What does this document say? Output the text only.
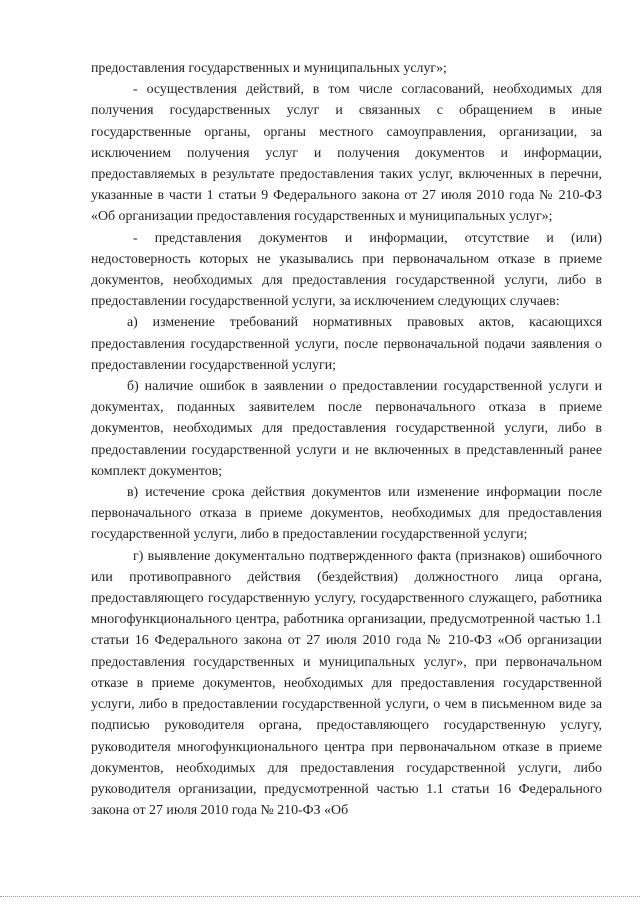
предоставления государственных и муниципальных услуг»;

- осуществления действий, в том числе согласований, необходимых для получения государственных услуг и связанных с обращением в иные государственные органы, органы местного самоуправления, организации, за исключением получения услуг и получения документов и информации, предоставляемых в результате предоставления таких услуг, включенных в перечни, указанные в части 1 статьи 9 Федерального закона от 27 июля 2010 года № 210-ФЗ «Об организации предоставления государственных и муниципальных услуг»;

- представления документов и информации, отсутствие и (или) недостоверность которых не указывались при первоначальном отказе в приеме документов, необходимых для предоставления государственной услуги, либо в предоставлении государственной услуги, за исключением следующих случаев:

а) изменение требований нормативных правовых актов, касающихся предоставления государственной услуги, после первоначальной подачи заявления о предоставлении государственной услуги;

б) наличие ошибок в заявлении о предоставлении государственной услуги и документах, поданных заявителем после первоначального отказа в приеме документов, необходимых для предоставления государственной услуги, либо в предоставлении государственной услуги и не включенных в представленный ранее комплект документов;

в) истечение срока действия документов или изменение информации после первоначального отказа в приеме документов, необходимых для предоставления государственной услуги, либо в предоставлении государственной услуги;

г) выявление документально подтвержденного факта (признаков) ошибочного или противоправного действия (бездействия) должностного лица органа, предоставляющего государственную услугу, государственного служащего, работника многофункционального центра, работника организации, предусмотренной частью 1.1 статьи 16 Федерального закона от 27 июля 2010 года № 210-ФЗ «Об организации предоставления государственных и муниципальных услуг», при первоначальном отказе в приеме документов, необходимых для предоставления государственной услуги, либо в предоставлении государственной услуги, о чем в письменном виде за подписью руководителя органа, предоставляющего государственную услугу, руководителя многофункционального центра при первоначальном отказе в приеме документов, необходимых для предоставления государственной услуги, либо руководителя организации, предусмотренной частью 1.1 статьи 16 Федерального закона от 27 июля 2010 года № 210-ФЗ «Об
